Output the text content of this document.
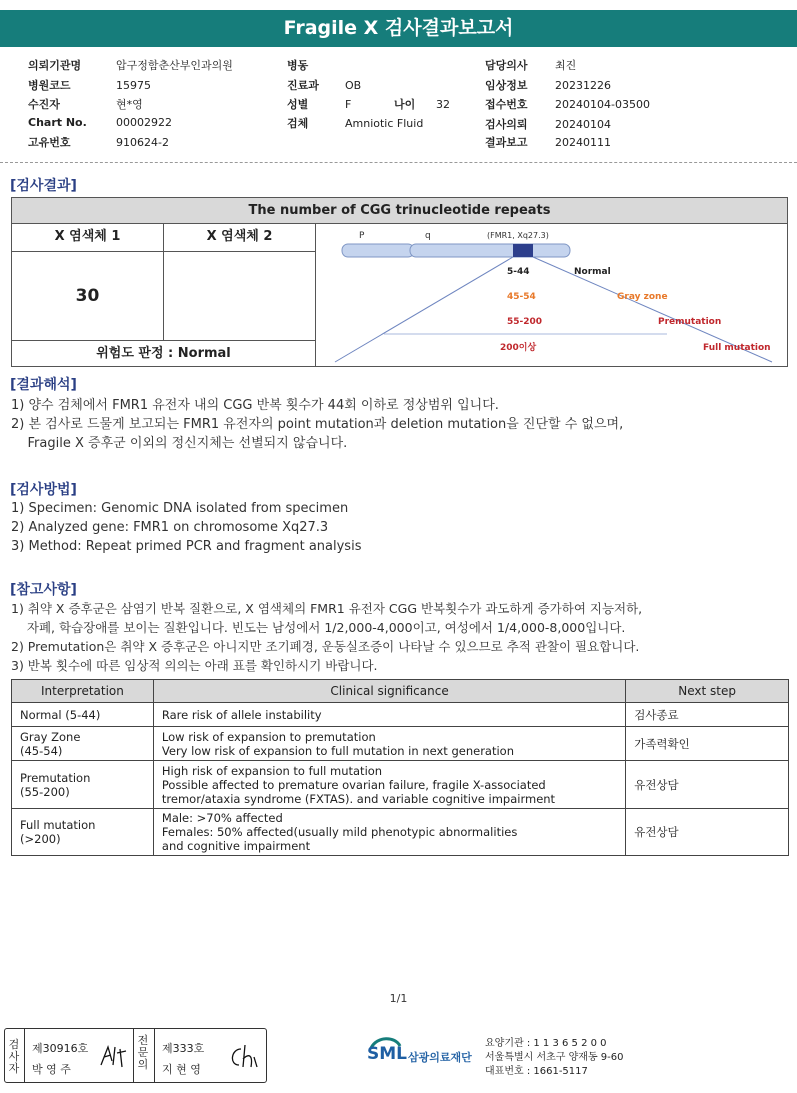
Fragile X 검사결과보고서
의뢰기관명	압구정함춘산부인과의원
병원코드	15975
수진자	현*영
Chart No.	00002922
고유번호	910624-2
병동
진료과 OB
성별	F
검체	Amniotic Fluid
나이 32
담당의사 최진
임상정보 20231226
접수번호 20240104-03500
검사의뢰 20240104
결과보고 20240111
[검사결과]
The number of CGG trinucleotide repeats
X 염색체 1	X 염색체 2
30
위험도 판정 : Normal
P	q	(FMR1, Xq27.3)
5-44	Normal
45-54	Gray zone
55-200	Premutation
200이상	Full mutation
[결과해석]
1) 양수 검체에서 FMR1 유전자 내의 CGG 반복 횟수가 44회 이하로 정상범위 입니다.
2) 본 검사로 드물게 보고되는 FMR1 유전자의 point mutation과 deletion mutation을 진단할 수 없으며,
Fragile X 증후군 이외의 정신지체는 선별되지 않습니다.
[검사방법]
1) Specimen: Genomic DNA isolated from specimen
2) Analyzed gene: FMR1 on chromosome Xq27.3
3) Method: Repeat primed PCR and fragment analysis
[참고사항]
1) 취약 X 증후군은 삼염기 반복 질환으로, X 염색체의 FMR1 유전자 CGG 반복횟수가 과도하게 증가하여 지능저하,
자폐, 학습장애를 보이는 질환입니다. 빈도는 남성에서 1/2,000-4,000이고, 여성에서 1/4,000-8,000입니다.
2) Premutation은 취약 X 증후군은 아니지만 조기폐경, 운동실조증이 나타날 수 있으므로 추적 관찰이 필요합니다.
3) 반복 횟수에 따른 임상적 의의는 아래 표를 확인하시기 바랍니다.
Interpretation	Clinical significance	Next step
Normal (5-44)	Rare risk of allele instability	검사종료
Gray Zone
(45-54)	Low risk of expansion to premutation
Very low risk of expansion to full mutation in next generation	가족력확인
Premutation
(55-200)	High risk of expansion to full mutation
Possible affected to premature ovarian failure, fragile X-associated
tremor/ataxia syndrome (FXTAS). and variable cognitive impairment	유전상담
Full mutation
(>200)	Male: >70% affected
Females: 50% affected(usually mild phenotypic abnormalities
and cognitive impairment	유전상담
1/1
검
사
자
제30916호
박 영 주
전
문
의
제333호
지 현 영
SML 삼광의료재단
요양기관 : 1 1 3 6 5 2 0 0
서울특별시 서초구 양재동 9-60
대표번호 : 1661-5117
